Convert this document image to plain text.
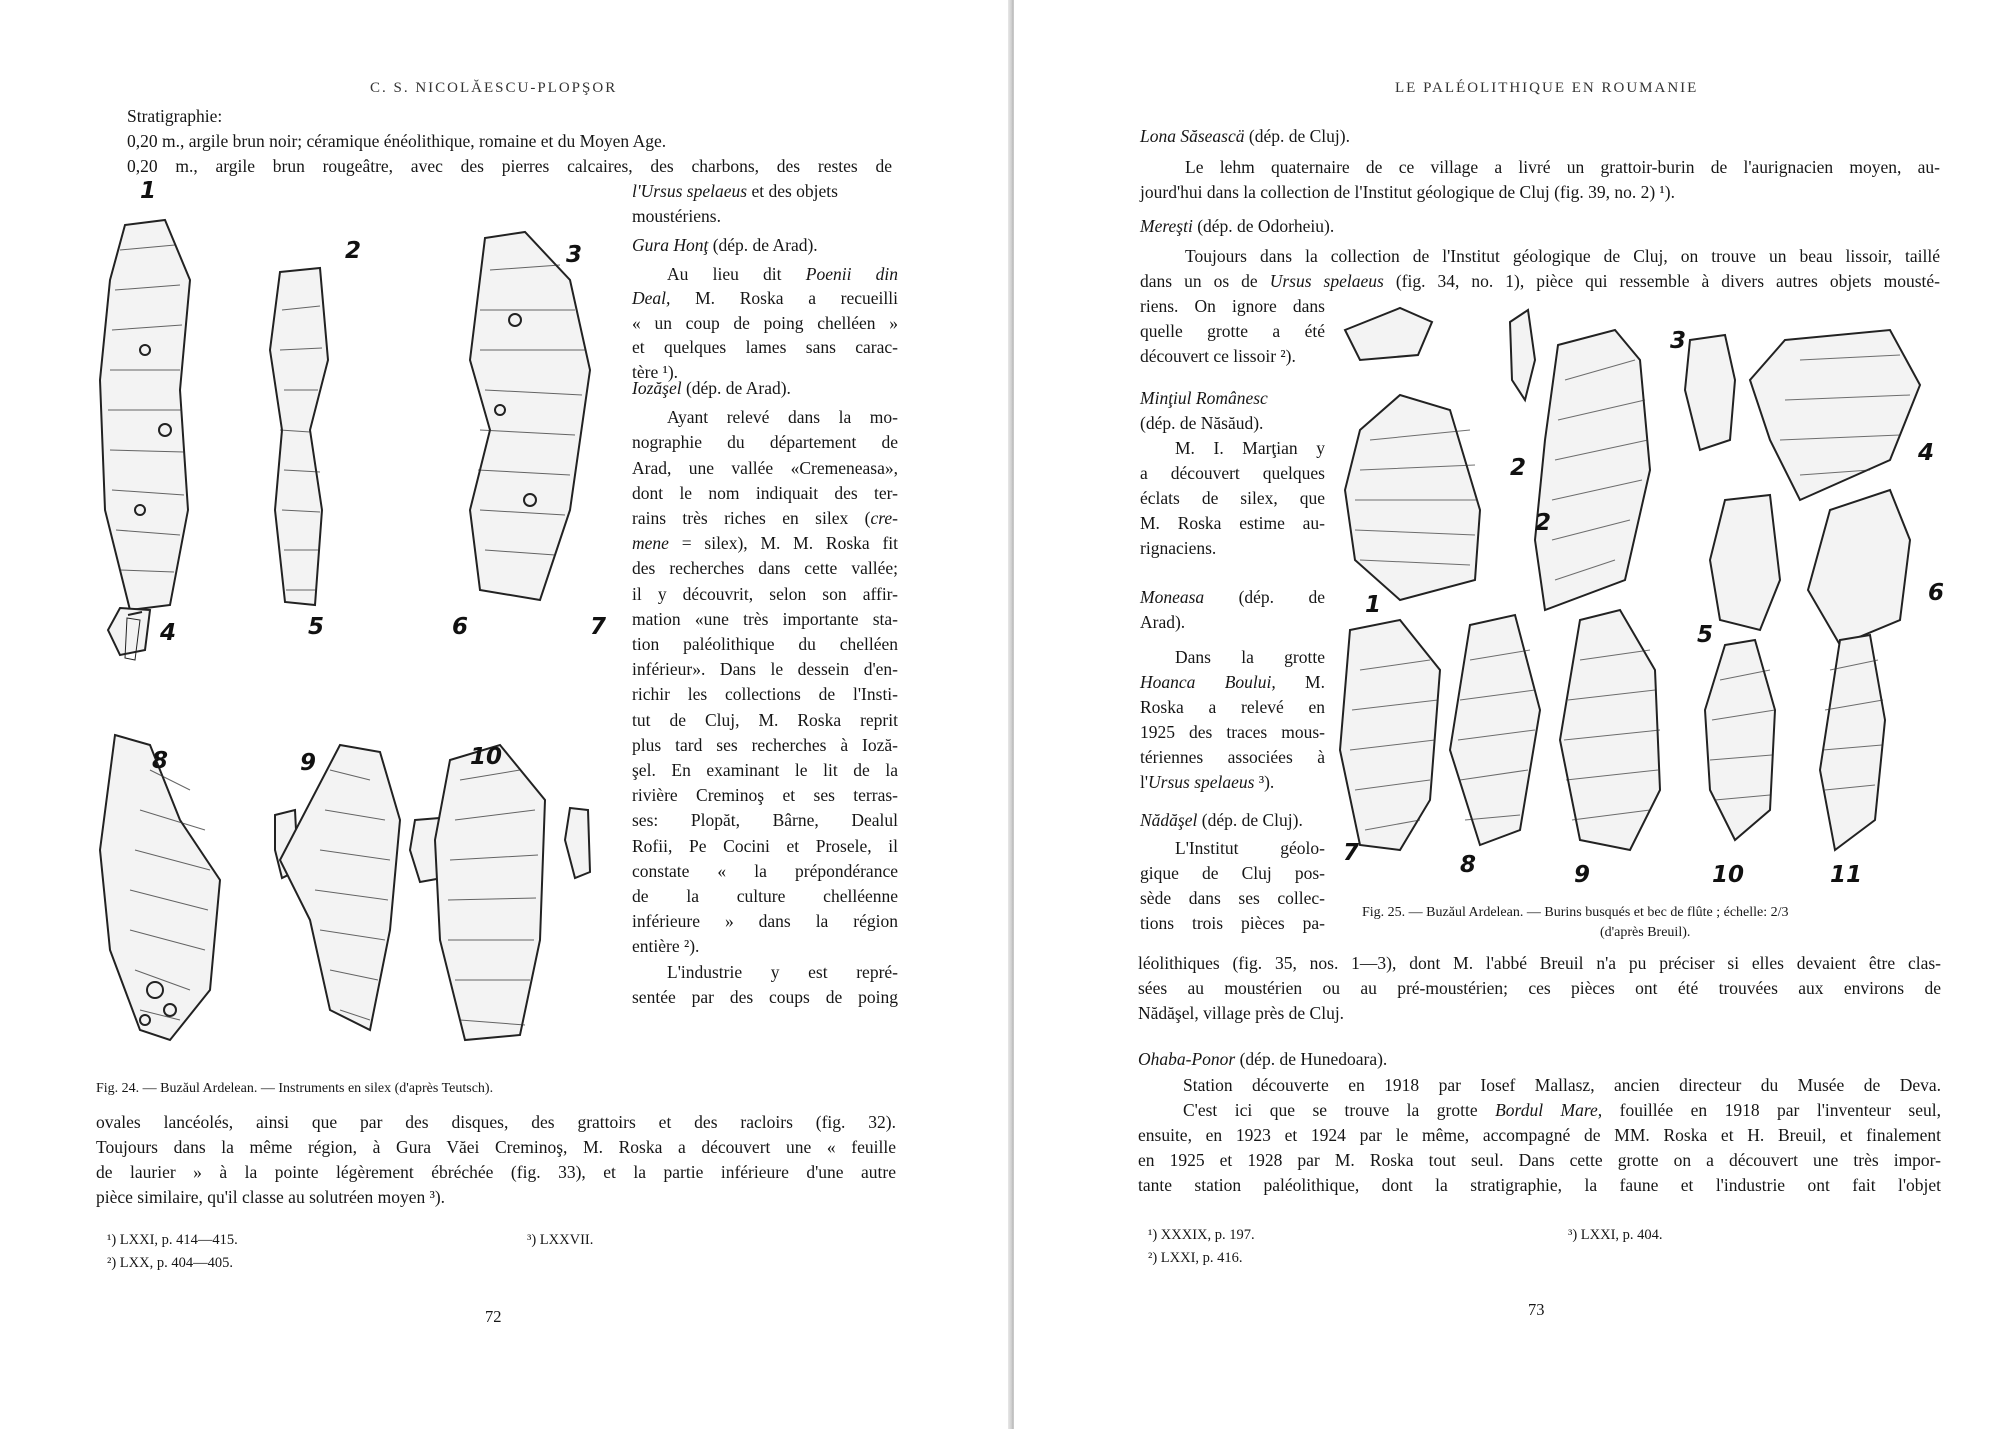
C. S. NICOLĂESCU-PLOPŞOR

Stratigraphie:

0,20 m., argile brun noir; céramique énéolithique, romaine et du Moyen Age.

0,20 m., argile brun rougeâtre, avec des pierres calcaires, des charbons, des restes de

l'Ursus spelaeus et des objets

moustériens.

Gura Honţ (dép. de Arad).

Au lieu dit Poenii din

Deal, M. Roska a recueilli

« un coup de poing chelléen »

et quelques lames sans carac-

tère ¹).

Iozăşel (dép. de Arad).

Ayant relevé dans la mo-

nographie du département de

Arad, une vallée «Cremeneasa»,

dont le nom indiquait des ter-

rains très riches en silex (cre-

mene = silex), M. M. Roska fit

des recherches dans cette vallée;

il y découvrit, selon son affir-

mation «une très importante sta-

tion paléolithique du chelléen

inférieur». Dans le dessein d'en-

richir les collections de l'Insti-

tut de Cluj, M. Roska reprit

plus tard ses recherches à Ioză-

şel. En examinant le lit de la

rivière Creminoş et ses terras-

ses: Plopăt, Bârne, Dealul

Rofii, Pe Cocini et Prosele, il

constate « la prépondérance

de la culture chelléenne

inférieure » dans la région

entière ²).

L'industrie y est repré-

sentée par des coups de poing

1
2	3
4	5	6	7
8	9	10

Fig. 24. — Buzăul Ardelean. — Instruments en silex (d'après Teutsch).

ovales lancéolés, ainsi que par des disques, des grattoirs et des racloirs (fig. 32).

Toujours dans la même région, à Gura Văei Creminoş, M. Roska a découvert une « feuille

de laurier » à la pointe légèrement ébréchée (fig. 33), et la partie inférieure d'une autre

pièce similaire, qu'il classe au solutréen moyen ³).

¹) LXXI, p. 414—415.

²) LXX, p. 404—405.

³) LXXVII.

72

LE PALÉOLITHIQUE EN ROUMANIE

Lona Săseascä (dép. de Cluj).

Le lehm quaternaire de ce village a livré un grattoir-burin de l'aurignacien moyen, au-

jourd'hui dans la collection de l'Institut géologique de Cluj (fig. 39, no. 2) ¹).

Mereşti (dép. de Odorheiu).

Toujours dans la collection de l'Institut géologique de Cluj, on trouve un beau lissoir, taillé

dans un os de Ursus spelaeus (fig. 34, no. 1), pièce qui ressemble à divers autres objets mousté-

riens. On ignore dans

quelle grotte a été

découvert ce lissoir ²).

Minţiul Românesc

(dép. de Năsăud).

M. I. Marţian y

a découvert quelques

éclats de silex, que

M. Roska estime au-

rignaciens.

Moneasa (dép. de

Arad).

Dans la grotte

Hoanca Boului, M.

Roska a relevé en

1925 des traces mous-

tériennes associées à

l'Ursus spelaeus ³).

Nădăşel (dép. de Cluj).

L'Institut géolo-

gique de Cluj pos-

sède dans ses collec-

tions trois pièces pa-

1
2
2
3
4
5
6
7	8	9	10	11

Fig. 25. — Buzăul Ardelean. — Burins busqués et bec de flûte ; échelle: 2/3

(d'après Breuil).

léolithiques (fig. 35, nos. 1—3), dont M. l'abbé Breuil n'a pu préciser si elles devaient être clas-

sées au moustérien ou au pré-moustérien; ces pièces ont été trouvées aux environs de

Nădăşel, village près de Cluj.

Ohaba-Ponor (dép. de Hunedoara).

Station découverte en 1918 par Iosef Mallasz, ancien directeur du Musée de Deva.

C'est ici que se trouve la grotte Bordul Mare, fouillée en 1918 par l'inventeur seul,

ensuite, en 1923 et 1924 par le même, accompagné de MM. Roska et H. Breuil, et finalement

en 1925 et 1928 par M. Roska tout seul. Dans cette grotte on a découvert une très impor-

tante station paléolithique, dont la stratigraphie, la faune et l'industrie ont fait l'objet

¹) XXXIX, p. 197.

²) LXXI, p. 416.

³) LXXI, p. 404.

73
